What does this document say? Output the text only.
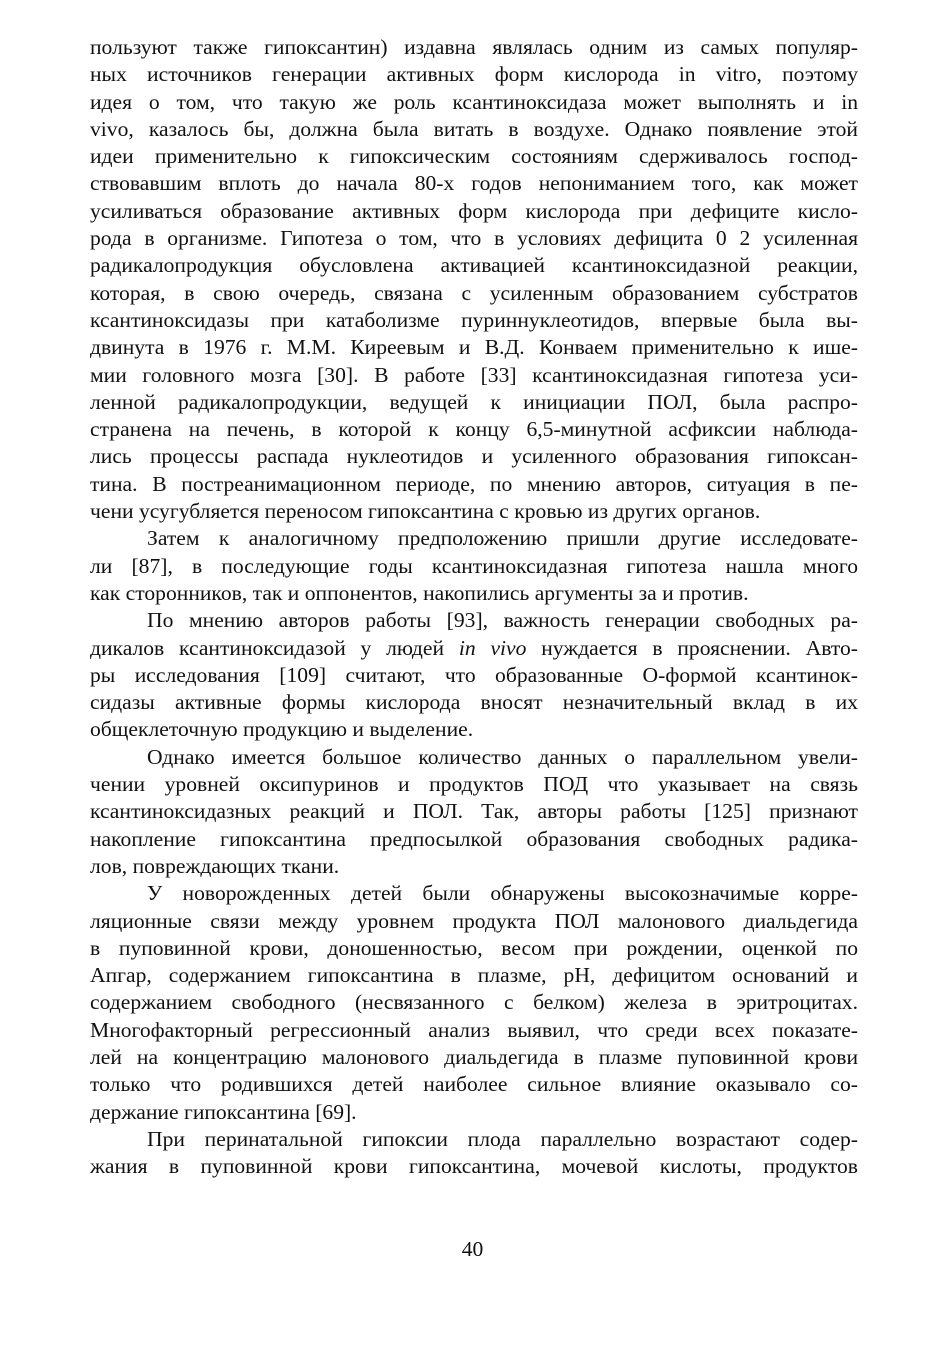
пользуют также гипоксантин) издавна являлась одним из самых популяр-
ных источников генерации активных форм кислорода in vitro, поэтому
идея о том, что такую же роль ксантиноксидаза может выполнять и in
vivo, казалось бы, должна была витать в воздухе. Однако появление этой
идеи применительно к гипоксическим состояниям сдерживалось господ-
ствовавшим вплоть до начала 80-х годов непониманием того, как может
усиливаться образование активных форм кислорода при дефиците кисло-
рода в организме. Гипотеза о том, что в условиях дефицита 0 2 усиленная
радикалопродукция обусловлена активацией ксантиноксидазной реакции,
которая, в свою очередь, связана с усиленным образованием субстратов
ксантиноксидазы при катаболизме пуриннуклеотидов, впервые была вы-
двинута в 1976 г. М.М. Киреевым и В.Д. Конваем применительно к ише-
мии головного мозга [30]. В работе [33] ксантиноксидазная гипотеза уси-
ленной радикалопродукции, ведущей к инициации ПОЛ, была распро-
странена на печень, в которой к концу 6,5-минутной асфиксии наблюда-
лись процессы распада нуклеотидов и усиленного образования гипоксан-
тина. В постреанимационном периоде, по мнению авторов, ситуация в пе-
чени усугубляется переносом гипоксантина с кровью из других органов.
Затем к аналогичному предположению пришли другие исследовате-
ли [87], в последующие годы ксантиноксидазная гипотеза нашла много
как сторонников, так и оппонентов, накопились аргументы за и против.
По мнению авторов работы [93], важность генерации свободных ра-
дикалов ксантиноксидазой у людей in vivo нуждается в прояснении. Авто-
ры исследования [109] считают, что образованные О-формой ксантинок-
сидазы активные формы кислорода вносят незначительный вклад в их
общеклеточную продукцию и выделение.
Однако имеется большое количество данных о параллельном увели-
чении уровней оксипуринов и продуктов ПОД что указывает на связь
ксантиноксидазных реакций и ПОЛ. Так, авторы работы [125] признают
накопление гипоксантина предпосылкой образования свободных радика-
лов, повреждающих ткани.
У новорожденных детей были обнаружены высокозначимые корре-
ляционные связи между уровнем продукта ПОЛ малонового диальдегида
в пуповинной крови, доношенностью, весом при рождении, оценкой по
Апгар, содержанием гипоксантина в плазме, pH, дефицитом оснований и
содержанием свободного (несвязанного с белком) железа в эритроцитах.
Многофакторный регрессионный анализ выявил, что среди всех показате-
лей на концентрацию малонового диальдегида в плазме пуповинной крови
только что родившихся детей наиболее сильное влияние оказывало со-
держание гипоксантина [69].
При перинатальной гипоксии плода параллельно возрастают содер-
жания в пуповинной крови гипоксантина, мочевой кислоты, продуктов
40
